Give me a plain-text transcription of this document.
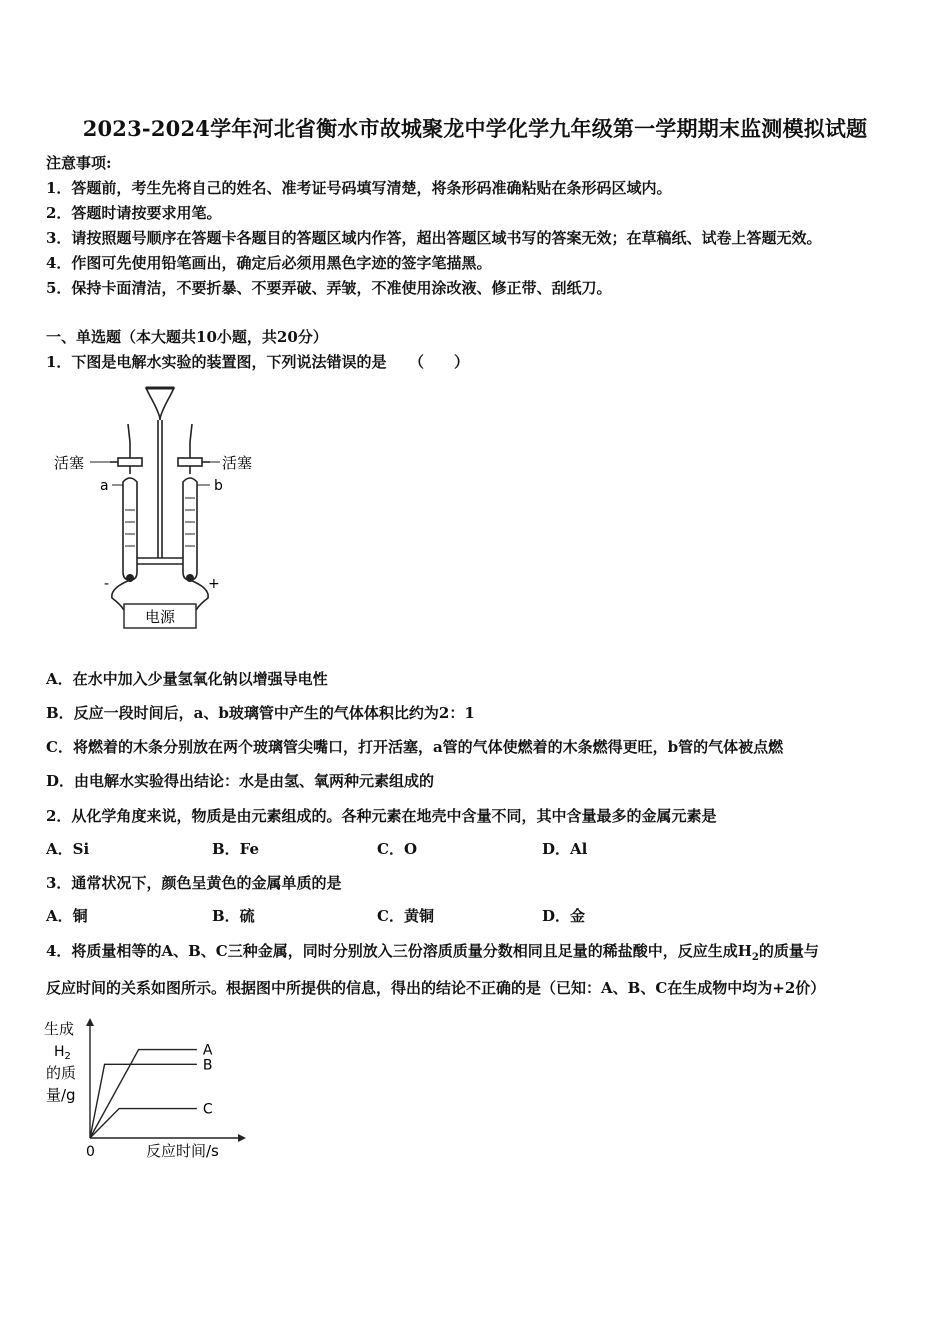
2023-2024学年河北省衡水市故城聚龙中学化学九年级第一学期期末监测模拟试题
注意事项:
1．答题前，考生先将自己的姓名、准考证号码填写清楚，将条形码准确粘贴在条形码区域内。
2．答题时请按要求用笔。
3．请按照题号顺序在答题卡各题目的答题区域内作答，超出答题区域书写的答案无效；在草稿纸、试卷上答题无效。
4．作图可先使用铅笔画出，确定后必须用黑色字迹的签字笔描黑。
5．保持卡面清洁，不要折暴、不要弄破、弄皱，不准使用涂改液、修正带、刮纸刀。
一、单选题（本大题共10小题，共20分）
1．下图是电解水实验的装置图，下列说法错误的是　　（　　）
活塞	活塞
a	b
-	+
电源
A．在水中加入少量氢氧化钠以增强导电性
B．反应一段时间后，a、b玻璃管中产生的气体体积比约为2：1
C．将燃着的木条分别放在两个玻璃管尖嘴口，打开活塞，a管的气体使燃着的木条燃得更旺，b管的气体被点燃
D．由电解水实验得出结论：水是由氢、氧两种元素组成的
2．从化学角度来说，物质是由元素组成的。各种元素在地壳中含量不同，其中含量最多的金属元素是
A．Si	B．Fe	C．O	D．Al
3．通常状况下，颜色呈黄色的金属单质的是
A．铜	B．硫	C．黄铜	D．金
4．将质量相等的A、B、C三种金属，同时分别放入三份溶质质量分数相同且足量的稀盐酸中，反应生成$H_2$的质量与
反应时间的关系如图所示。根据图中所提供的信息，得出的结论不正确的是（已知：A、B、C在生成物中均为+2价）
A
B
C
生成
$H_2$
的质
量/g
0	反应时间/s
